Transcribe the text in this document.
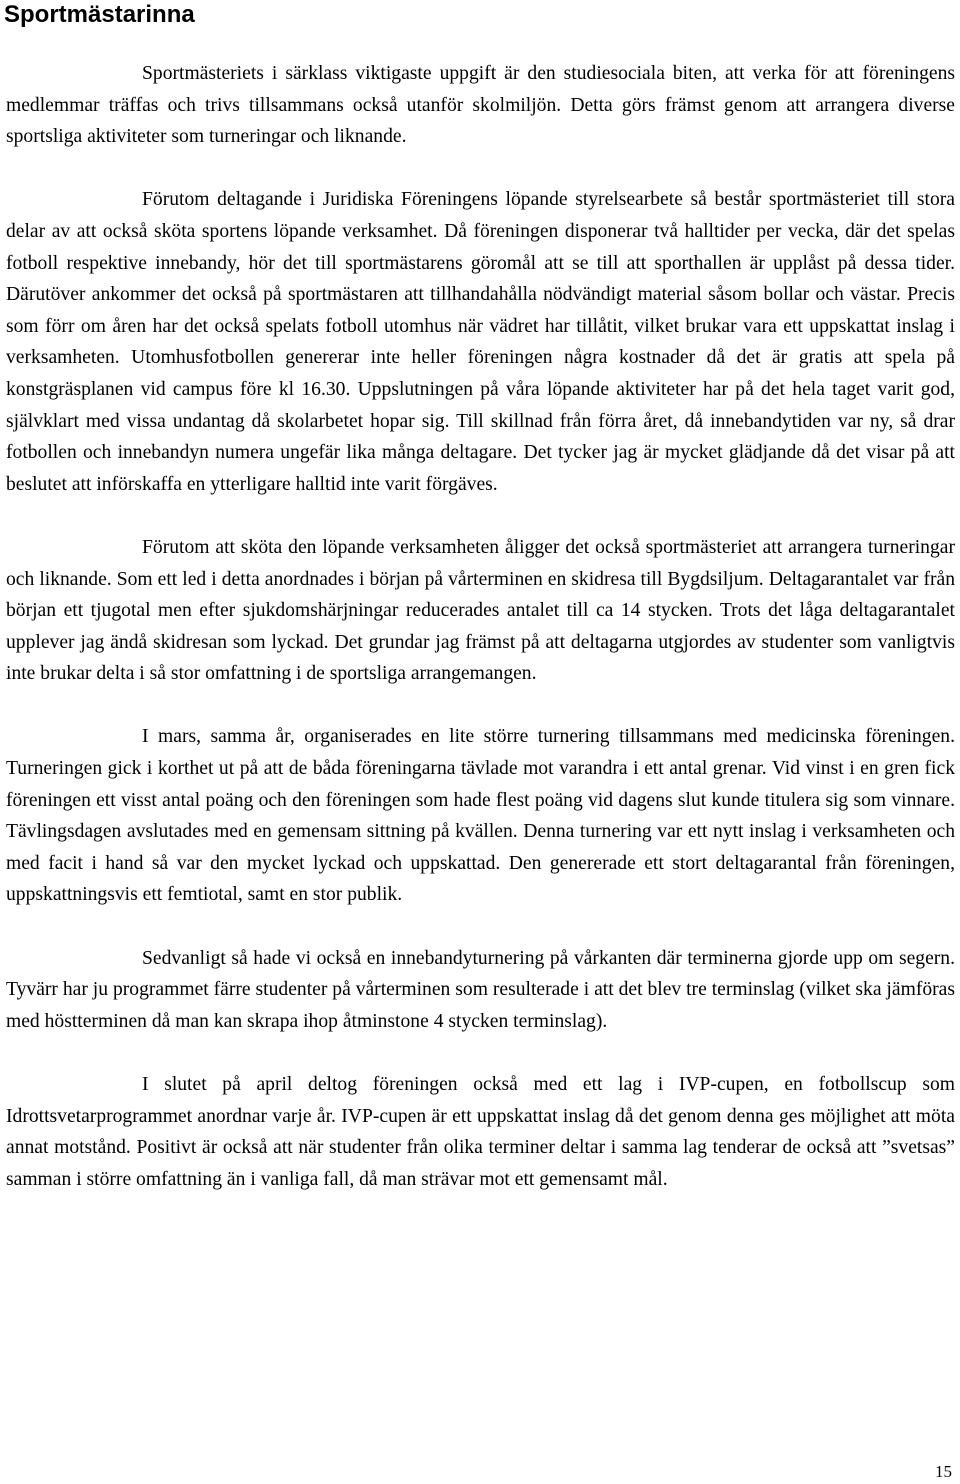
Sportmästarinna

Sportmästeriets i särklass viktigaste uppgift är den studiesociala biten, att verka för att föreningens medlemmar träffas och trivs tillsammans också utanför skolmiljön. Detta görs främst genom att arrangera diverse sportsliga aktiviteter som turneringar och liknande.

Förutom deltagande i Juridiska Föreningens löpande styrelsearbete så består sportmästeriet till stora delar av att också sköta sportens löpande verksamhet. Då föreningen disponerar två halltider per vecka, där det spelas fotboll respektive innebandy, hör det till sportmästarens göromål att se till att sporthallen är upplåst på dessa tider. Därutöver ankommer det också på sportmästaren att tillhandahålla nödvändigt material såsom bollar och västar. Precis som förr om åren har det också spelats fotboll utomhus när vädret har tillåtit, vilket brukar vara ett uppskattat inslag i verksamheten. Utomhusfotbollen genererar inte heller föreningen några kostnader då det är gratis att spela på konstgräsplanen vid campus före kl 16.30. Uppslutningen på våra löpande aktiviteter har på det hela taget varit god, självklart med vissa undantag då skolarbetet hopar sig. Till skillnad från förra året, då innebandytiden var ny, så drar fotbollen och innebandyn numera ungefär lika många deltagare. Det tycker jag är mycket glädjande då det visar på att beslutet att införskaffa en ytterligare halltid inte varit förgäves.

Förutom att sköta den löpande verksamheten åligger det också sportmästeriet att arrangera turneringar och liknande. Som ett led i detta anordnades i början på vårterminen en skidresa till Bygdsiljum. Deltagarantalet var från början ett tjugotal men efter sjukdomshärjningar reducerades antalet till ca 14 stycken. Trots det låga deltagarantalet upplever jag ändå skidresan som lyckad. Det grundar jag främst på att deltagarna utgjordes av studenter som vanligtvis inte brukar delta i så stor omfattning i de sportsliga arrangemangen.

I mars, samma år, organiserades en lite större turnering tillsammans med medicinska föreningen. Turneringen gick i korthet ut på att de båda föreningarna tävlade mot varandra i ett antal grenar. Vid vinst i en gren fick föreningen ett visst antal poäng och den föreningen som hade flest poäng vid dagens slut kunde titulera sig som vinnare. Tävlingsdagen avslutades med en gemensam sittning på kvällen. Denna turnering var ett nytt inslag i verksamheten och med facit i hand så var den mycket lyckad och uppskattad. Den genererade ett stort deltagarantal från föreningen, uppskattningsvis ett femtiotal, samt en stor publik.

Sedvanligt så hade vi också en innebandyturnering på vårkanten där terminerna gjorde upp om segern. Tyvärr har ju programmet färre studenter på vårterminen som resulterade i att det blev tre terminslag (vilket ska jämföras med höstterminen då man kan skrapa ihop åtminstone 4 stycken terminslag).

I slutet på april deltog föreningen också med ett lag i IVP-cupen, en fotbollscup som Idrottsvetarprogrammet anordnar varje år. IVP-cupen är ett uppskattat inslag då det genom denna ges möjlighet att möta annat motstånd. Positivt är också att när studenter från olika terminer deltar i samma lag tenderar de också att ”svetsas” samman i större omfattning än i vanliga fall, då man strävar mot ett gemensamt mål.

15
